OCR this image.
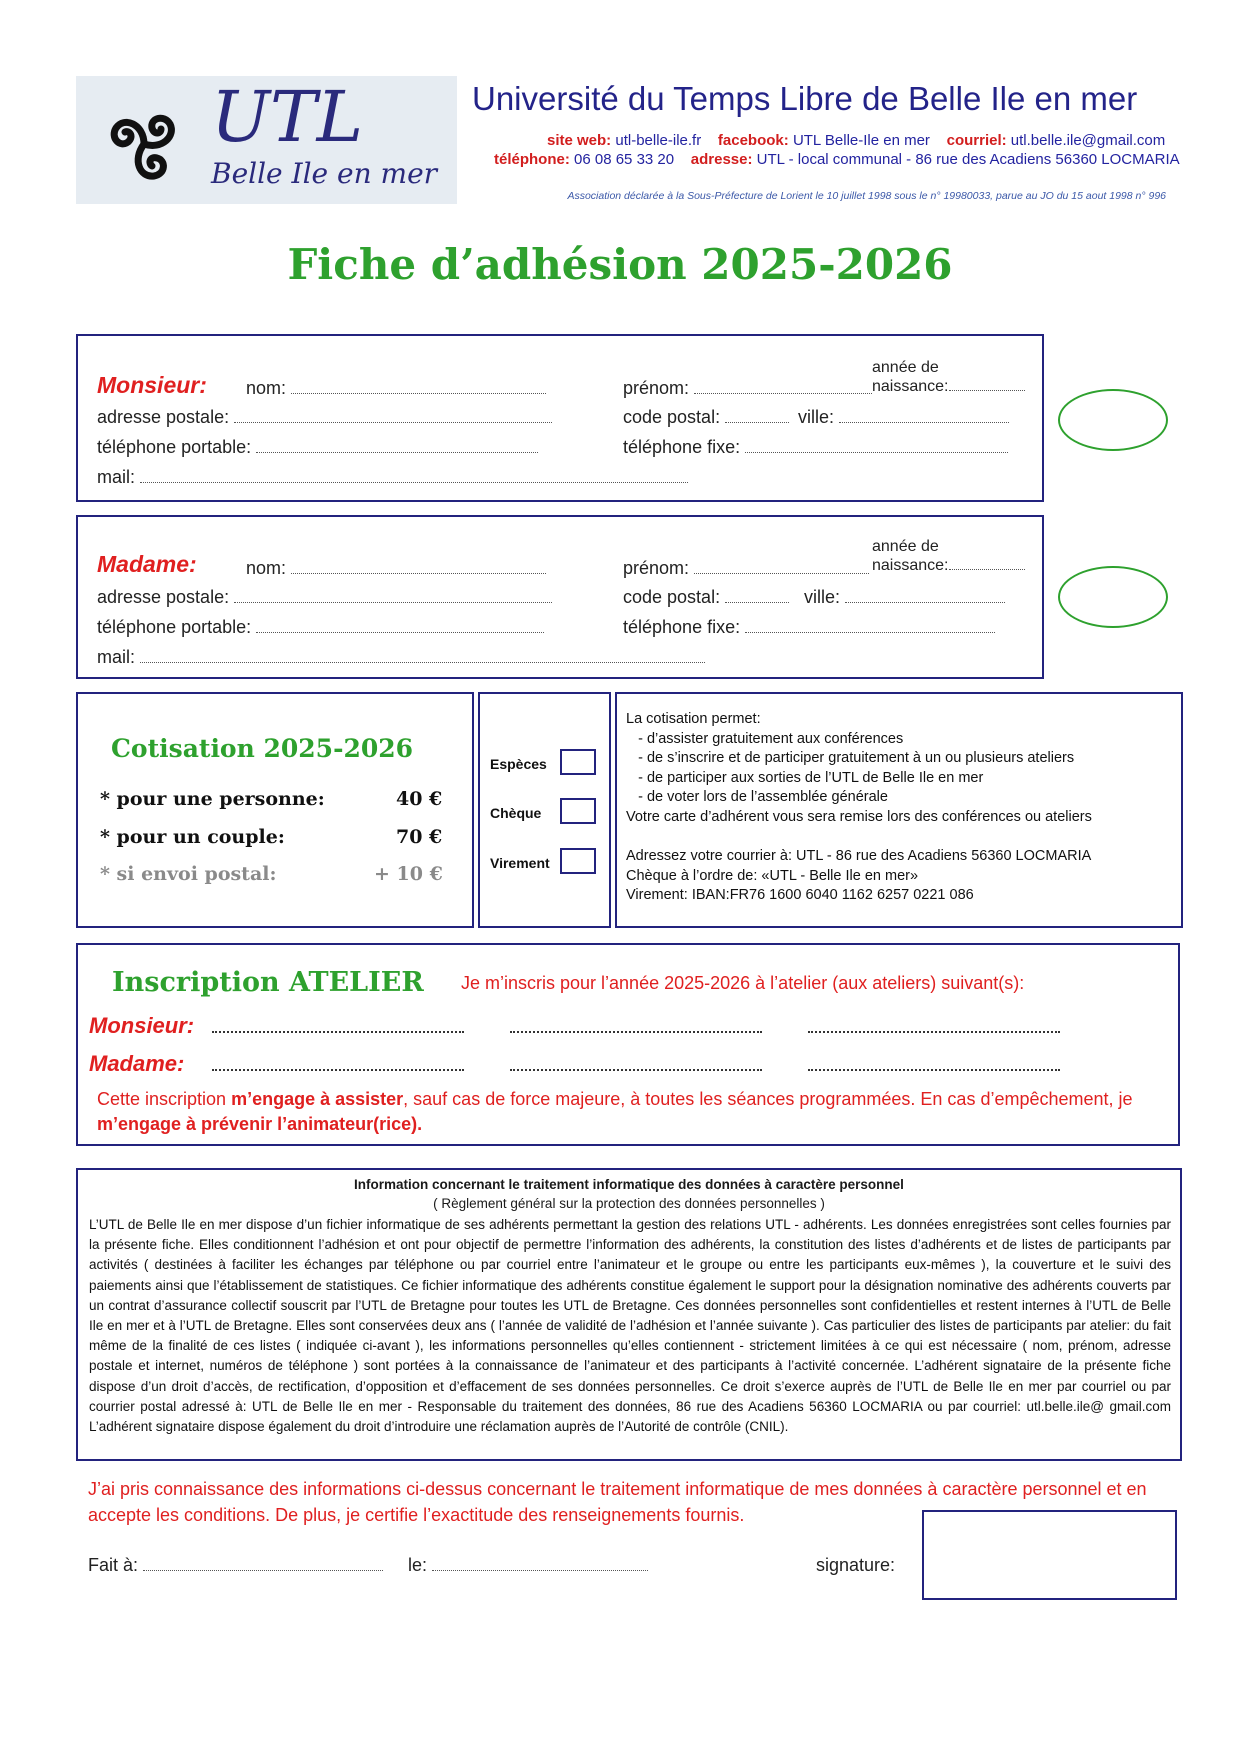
UTL
Belle Ile en mer
Université du Temps Libre de Belle Ile en mer
site web: utl-belle-ile.fr facebook: UTL Belle-Ile en mer courriel: utl.belle.ile@gmail.com
téléphone: 06 08 65 33 20 adresse: UTL - local communal - 86 rue des Acadiens 56360 LOCMARIA
Association déclarée à la Sous-Préfecture de Lorient le 10 juillet 1998 sous le n° 19980033, parue au JO du 15 aout 1998 n° 996
Fiche d’adhésion 2025-2026
Monsieur: nom:	prénom:
année de
naissance:
adresse postale:	code postal:	ville:
téléphone portable:	téléphone fixe:
mail:
Madame:	nom:	prénom:
année de
naissance:
adresse postale:	code postal:	ville:
téléphone portable:	téléphone fixe:
mail:
Cotisation 2025-2026
* pour une personne:	40 €
* pour un couple:	70 €
* si envoi postal:	+ 10 €
Espèces
Chèque
Virement
La cotisation permet:
- d’assister gratuitement aux conférences
- de s’inscrire et de participer gratuitement à un ou plusieurs ateliers
- de participer aux sorties de l’UTL de Belle Ile en mer
- de voter lors de l’assemblée générale
Votre carte d’adhérent vous sera remise lors des conférences ou ateliers
Adressez votre courrier à: UTL - 86 rue des Acadiens 56360 LOCMARIA
Chèque à l’ordre de: «UTL - Belle Ile en mer»
Virement: IBAN:FR76 1600 6040 1162 6257 0221 086
Inscription ATELIER Je m’inscris pour l’année 2025-2026 à l’atelier (aux ateliers) suivant(s):
Monsieur:
Madame:
Cette inscription m’engage à assister, sauf cas de force majeure, à toutes les séances programmées. En cas d’empêchement, je m’engage à prévenir l’animateur(rice).
Information concernant le traitement informatique des données à caractère personnel
( Règlement général sur la protection des données personnelles )
L’UTL de Belle Ile en mer dispose d’un fichier informatique de ses adhérents permettant la gestion des relations UTL - adhérents. Les données enregistrées sont celles fournies par la présente fiche. Elles conditionnent l’adhésion et ont pour objectif de permettre l’information des adhérents, la constitution des listes d’adhérents et de listes de participants par activités ( destinées à faciliter les échanges par téléphone ou par courriel entre l’animateur et le groupe ou entre les participants eux-mêmes ), la couverture et le suivi des paiements ainsi que l’établissement de statistiques. Ce fichier informatique des adhérents constitue également le support pour la désignation nominative des adhérents couverts par un contrat d’assurance collectif souscrit par l’UTL de Bretagne pour toutes les UTL de Bretagne. Ces données personnelles sont confidentielles et restent internes à l’UTL de Belle Ile en mer et à l’UTL de Bretagne. Elles sont conservées deux ans ( l’année de validité de l’adhésion et l’année suivante ). Cas particulier des listes de participants par atelier: du fait même de la finalité de ces listes ( indiquée ci-avant ), les informations personnelles qu’elles contiennent - strictement limitées à ce qui est nécessaire ( nom, prénom, adresse postale et internet, numéros de téléphone ) sont portées à la connaissance de l’animateur et des participants à l’activité concernée. L’adhérent signataire de la présente fiche dispose d’un droit d’accès, de rectification, d’opposition et d’effacement de ses données personnelles. Ce droit s’exerce auprès de l’UTL de Belle Ile en mer par courriel ou par courrier postal adressé à: UTL de Belle Ile en mer - Responsable du traitement des données, 86 rue des Acadiens 56360 LOCMARIA ou par courriel: utl.belle.ile@ gmail.com L’adhérent signataire dispose également du droit d’introduire une réclamation auprès de l’Autorité de contrôle (CNIL).
J’ai pris connaissance des informations ci-dessus concernant le traitement informatique de mes données à caractère personnel et en accepte les conditions. De plus, je certifie l’exactitude des renseignements fournis.
Fait à:	le:	signature:
